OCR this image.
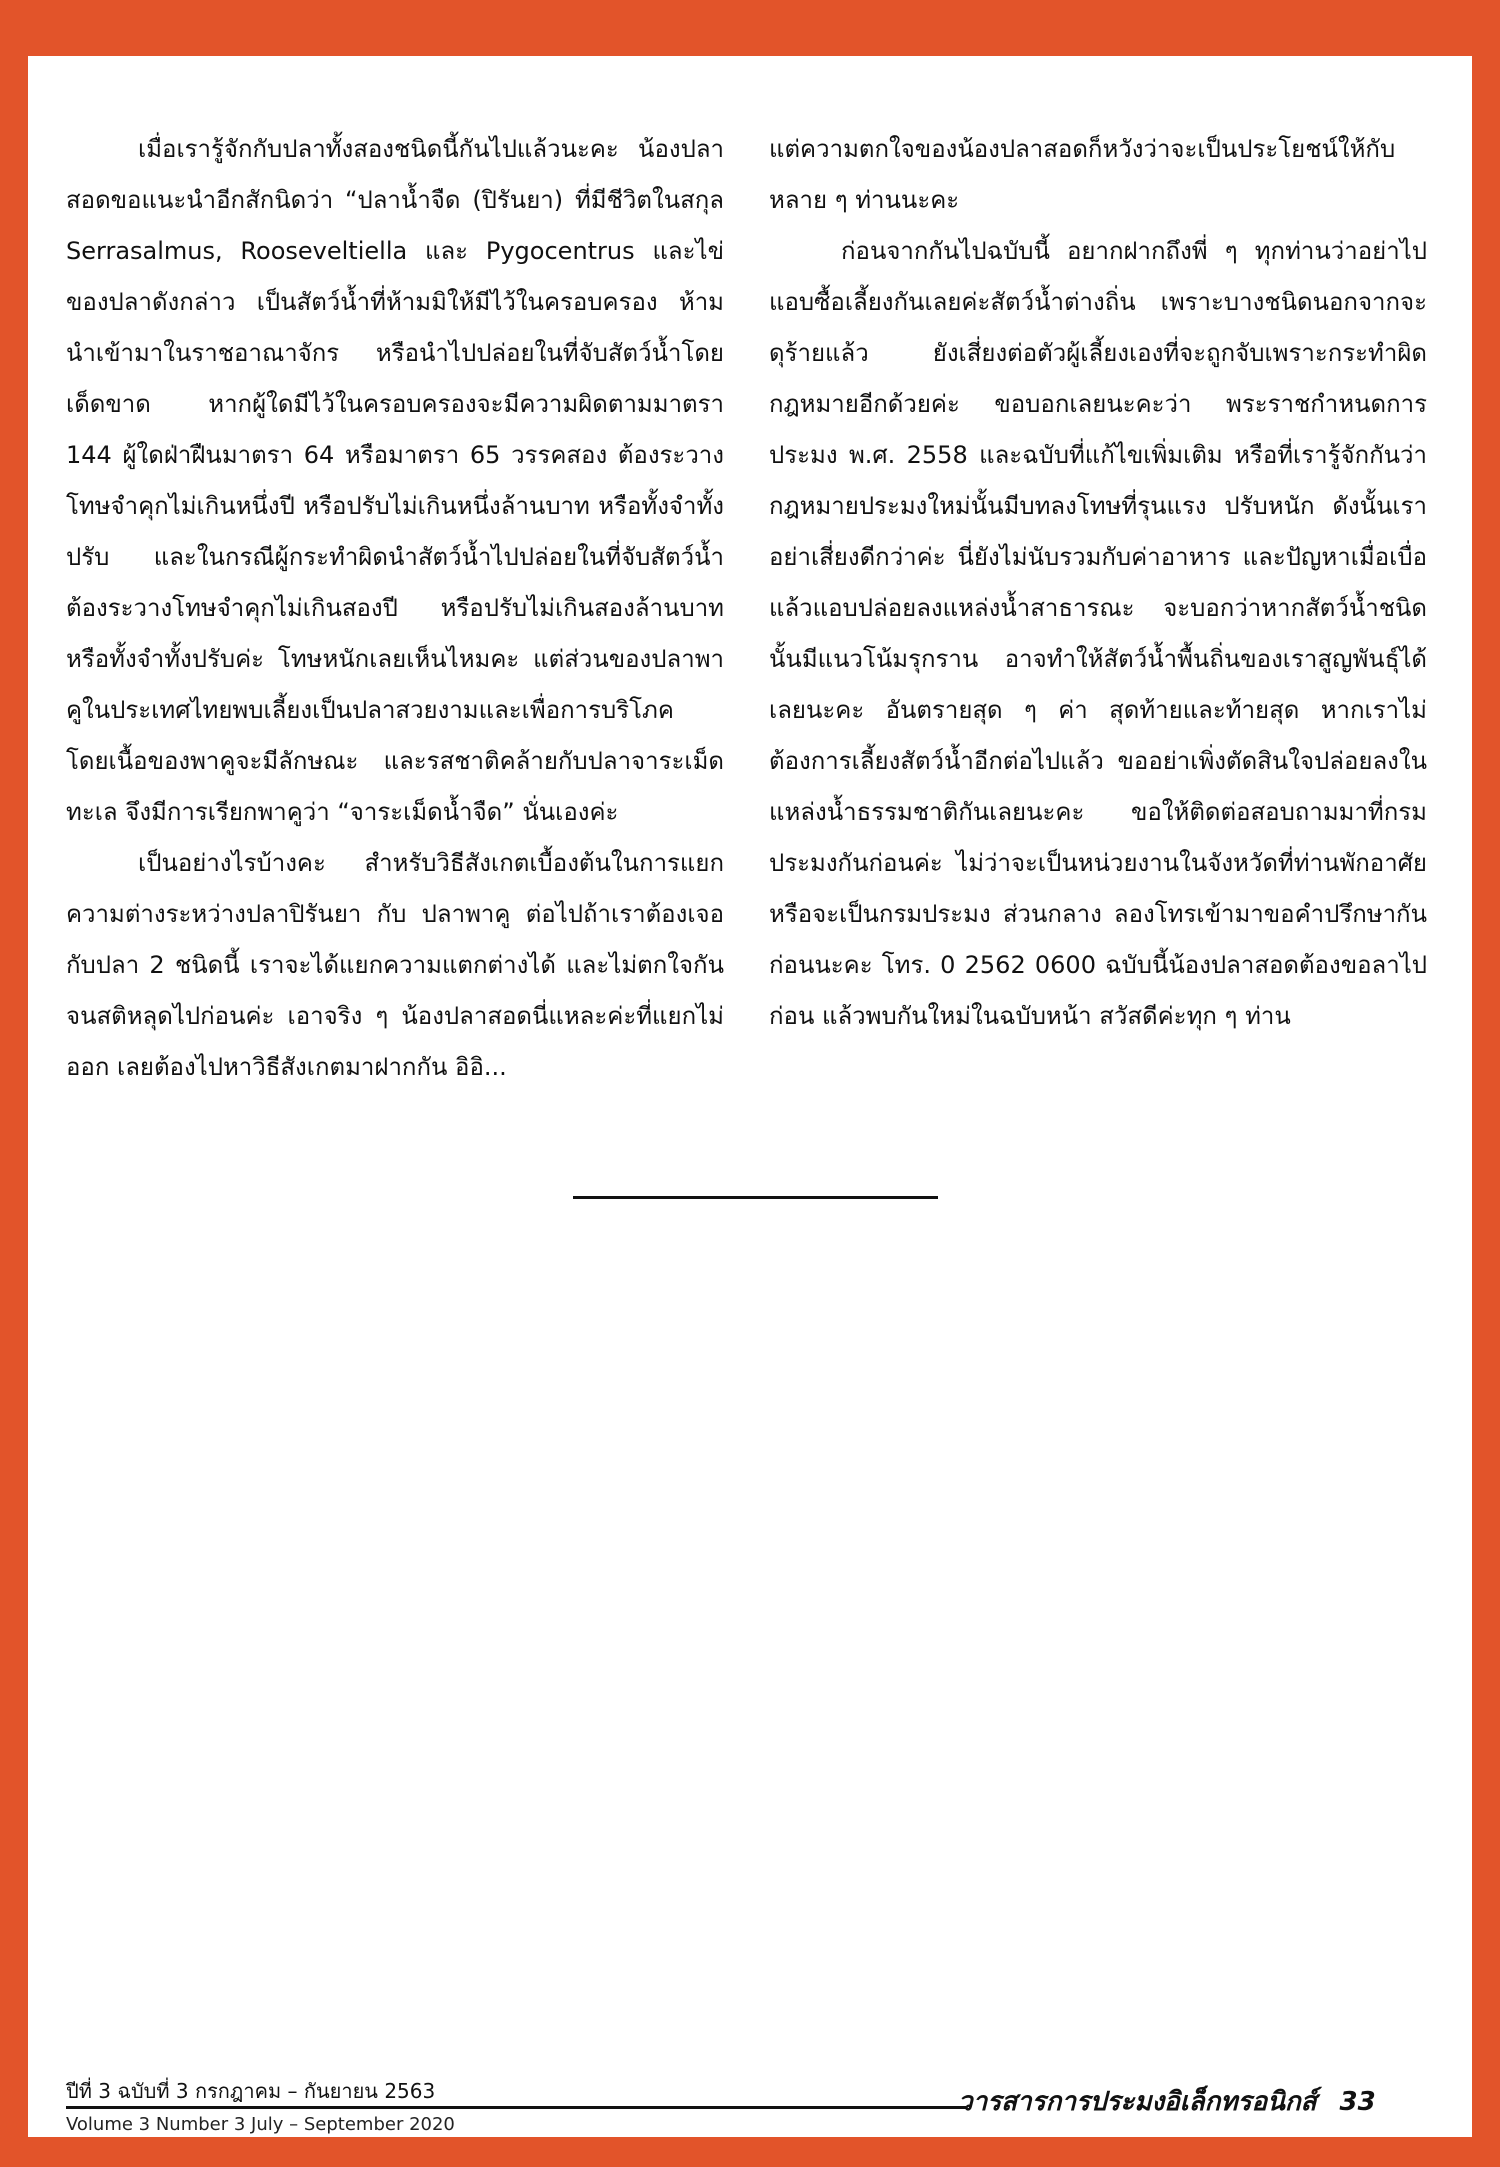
เมื่อเรารู้จักกับปลาทั้งสองชนิดนี้กันไปแล้วนะคะ น้องปลาสอดขอแนะนำอีกสักนิดว่า “ปลาน้ำจืด (ปิรันยา) ที่มีชีวิตในสกุล Serrasalmus, Rooseveltiella และ Pygocentrus และไข่ของปลาดังกล่าว เป็นสัตว์น้ำที่ห้ามมิให้มีไว้ในครอบครอง ห้ามนำเข้ามาในราชอาณาจักร หรือนำไปปล่อยในที่จับสัตว์น้ำโดยเด็ดขาด หากผู้ใดมีไว้ในครอบครองจะมีความผิดตามมาตรา 144 ผู้ใดฝ่าฝืนมาตรา 64 หรือมาตรา 65 วรรคสอง ต้องระวางโทษจำคุกไม่เกินหนึ่งปี หรือปรับไม่เกินหนึ่งล้านบาท หรือทั้งจำทั้งปรับ และในกรณีผู้กระทำผิดนำสัตว์น้ำไปปล่อยในที่จับสัตว์น้ำ ต้องระวางโทษจำคุกไม่เกินสองปี หรือปรับไม่เกินสองล้านบาท หรือทั้งจำทั้งปรับค่ะ โทษหนักเลยเห็นไหมคะ แต่ส่วนของปลาพาคูในประเทศไทยพบเลี้ยงเป็นปลาสวยงามและเพื่อการบริโภค โดยเนื้อของพาคูจะมีลักษณะ และรสชาติคล้ายกับปลาจาระเม็ดทะเล จึงมีการเรียกพาคูว่า “จาระเม็ดน้ำจืด” นั่นเองค่ะ

เป็นอย่างไรบ้างคะ สำหรับวิธีสังเกตเบื้องต้นในการแยกความต่างระหว่างปลาปิรันยา กับ ปลาพาคู ต่อไปถ้าเราต้องเจอกับปลา 2 ชนิดนี้ เราจะได้แยกความแตกต่างได้ และไม่ตกใจกันจนสติหลุดไปก่อนค่ะ เอาจริง ๆ น้องปลาสอดนี่แหละค่ะที่แยกไม่ออก เลยต้องไปหาวิธีสังเกตมาฝากกัน อิอิ...

แต่ความตกใจของน้องปลาสอดก็หวังว่าจะเป็นประโยชน์ให้กับหลาย ๆ ท่านนะคะ

ก่อนจากกันไปฉบับนี้ อยากฝากถึงพี่ ๆ ทุกท่านว่าอย่าไปแอบซื้อเลี้ยงกันเลยค่ะสัตว์น้ำต่างถิ่น เพราะบางชนิดนอกจากจะดุร้ายแล้ว ยังเสี่ยงต่อตัวผู้เลี้ยงเองที่จะถูกจับเพราะกระทำผิดกฎหมายอีกด้วยค่ะ ขอบอกเลยนะคะว่า พระราชกำหนดการประมง พ.ศ. 2558 และฉบับที่แก้ไขเพิ่มเติม หรือที่เรารู้จักกันว่า กฎหมายประมงใหม่นั้นมีบทลงโทษที่รุนแรง ปรับหนัก ดังนั้นเราอย่าเสี่ยงดีกว่าค่ะ นี่ยังไม่นับรวมกับค่าอาหาร และปัญหาเมื่อเบื่อแล้วแอบปล่อยลงแหล่งน้ำสาธารณะ จะบอกว่าหากสัตว์น้ำชนิดนั้นมีแนวโน้มรุกราน อาจทำให้สัตว์น้ำพื้นถิ่นของเราสูญพันธุ์ได้เลยนะคะ อันตรายสุด ๆ ค่า สุดท้ายและท้ายสุด หากเราไม่ต้องการเลี้ยงสัตว์น้ำอีกต่อไปแล้ว ขออย่าเพิ่งตัดสินใจปล่อยลงในแหล่งน้ำธรรมชาติกันเลยนะคะ ขอให้ติดต่อสอบถามมาที่กรมประมงกันก่อนค่ะ ไม่ว่าจะเป็นหน่วยงานในจังหวัดที่ท่านพักอาศัย หรือจะเป็นกรมประมง ส่วนกลาง ลองโทรเข้ามาขอคำปรึกษากันก่อนนะคะ โทร. 0 2562 0600 ฉบับนี้น้องปลาสอดต้องขอลาไปก่อน แล้วพบกันใหม่ในฉบับหน้า สวัสดีค่ะทุก ๆ ท่าน

ปีที่ 3 ฉบับที่ 3 กรกฎาคม – กันยายน 2563
Volume 3 Number 3 July – September 2020
วารสารการประมงอิเล็กทรอนิกส์ 33
